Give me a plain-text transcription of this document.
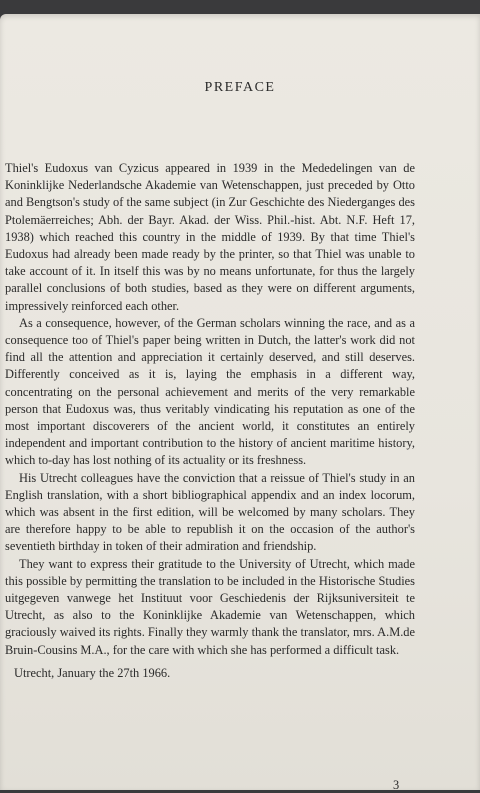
PREFACE

Thiel's Eudoxus van Cyzicus appeared in 1939 in the Mededelingen van de Koninklijke Nederlandsche Akademie van Wetenschappen, just preceded by Otto and Bengtson's study of the same subject (in Zur Geschichte des Niederganges des Ptolemäerreiches; Abh. der Bayr. Akad. der Wiss. Phil.-hist. Abt. N.F. Heft 17, 1938) which reached this country in the middle of 1939. By that time Thiel's Eudoxus had already been made ready by the printer, so that Thiel was unable to take account of it. In itself this was by no means unfortunate, for thus the largely parallel conclusions of both studies, based as they were on different arguments, impressively reinforced each other.

As a consequence, however, of the German scholars winning the race, and as a consequence too of Thiel's paper being written in Dutch, the latter's work did not find all the attention and appreciation it certainly deserved, and still deserves. Differently conceived as it is, laying the emphasis in a different way, concentrating on the personal achievement and merits of the very remarkable person that Eudoxus was, thus veritably vindicating his reputation as one of the most important discoverers of the ancient world, it constitutes an entirely independent and important contribution to the history of ancient maritime history, which to-day has lost nothing of its actuality or its freshness.

His Utrecht colleagues have the conviction that a reissue of Thiel's study in an English translation, with a short bibliographical appendix and an index locorum, which was absent in the first edition, will be welcomed by many scholars. They are therefore happy to be able to republish it on the occasion of the author's seventieth birthday in token of their admiration and friendship.

They want to express their gratitude to the University of Utrecht, which made this possible by permitting the translation to be included in the Historische Studies uitgegeven vanwege het Instituut voor Geschiedenis der Rijksuniversiteit te Utrecht, as also to the Koninklijke Akademie van Wetenschappen, which graciously waived its rights. Finally they warmly thank the translator, mrs. A.M.de Bruin-Cousins M.A., for the care with which she has performed a difficult task.

Utrecht, January the 27th 1966.
3
